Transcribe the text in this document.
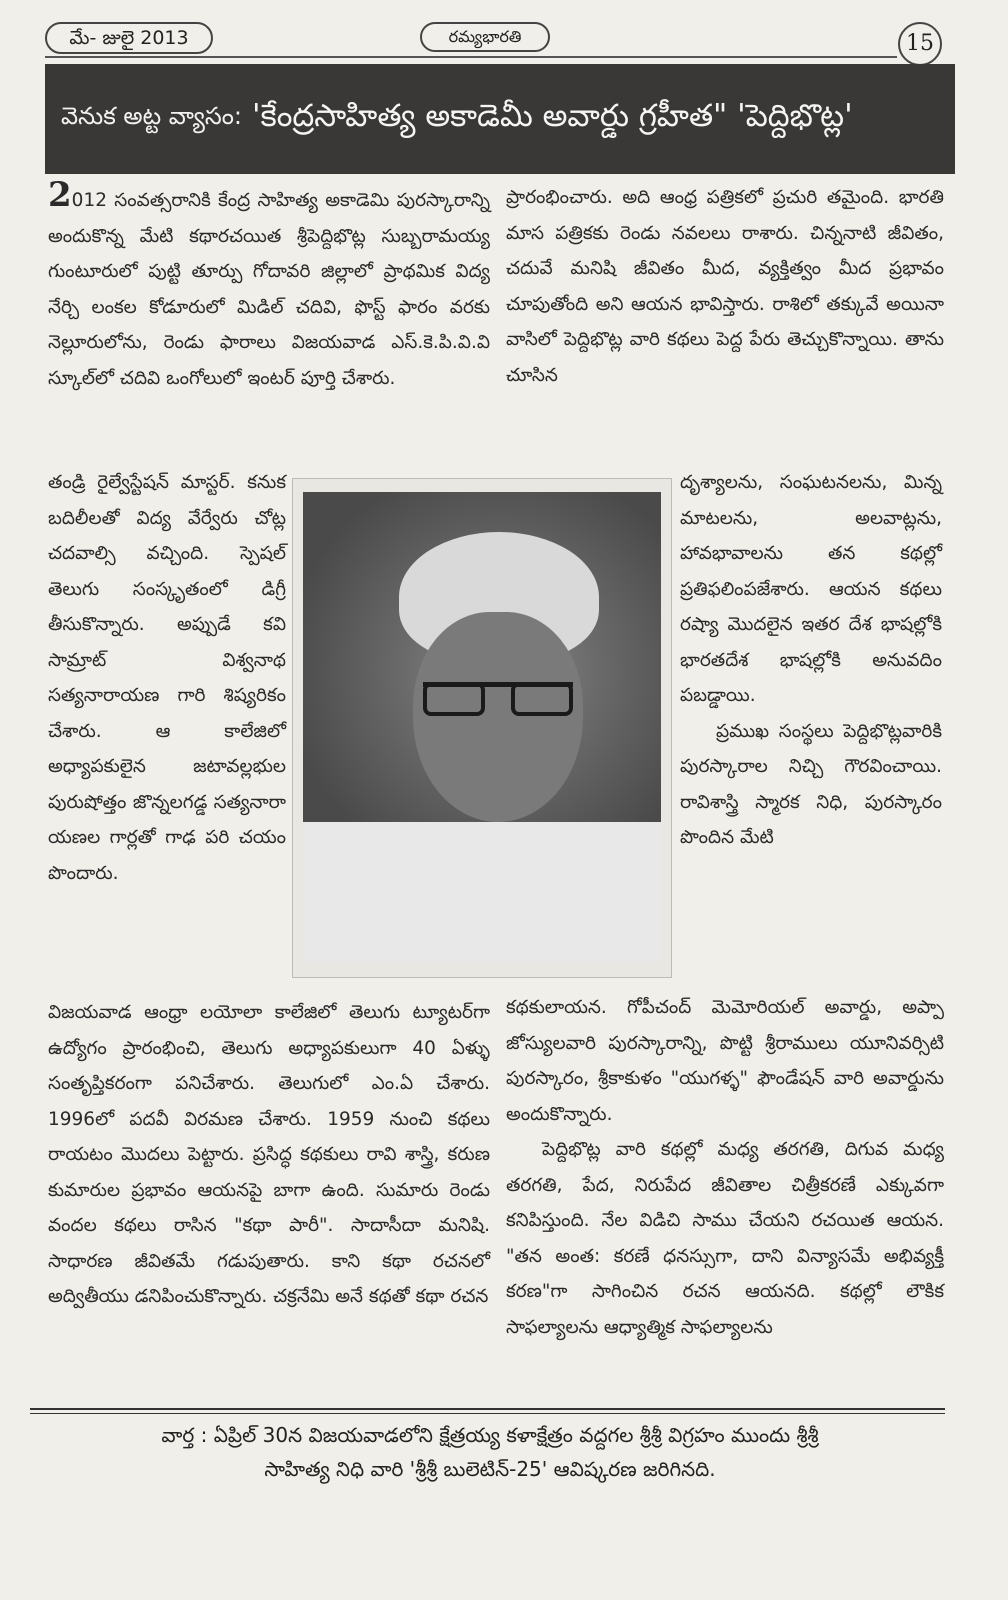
మే- జులై 2013	రమ్యభారతి	15
వెనుక అట్ట వ్యాసం: 'కేంద్రసాహిత్య అకాడెమీ అవార్డు గ్రహీత" 'పెద్దిభొట్ల'

2012 సంవత్సరానికి కేంద్ర సాహిత్య అకాడెమి పురస్కారాన్ని అందుకొన్న మేటి కథారచయిత శ్రీపెద్దిభొట్ల సుబ్బరామయ్య గుంటూరులో పుట్టి తూర్పు గోదావరి జిల్లాలో ప్రాథమిక విద్య నేర్చి లంకల కోడూరులో మిడిల్ చదివి, ఫొస్ట్ ఫారం వరకు నెల్లూరులోను, రెండు ఫారాలు విజయవాడ ఎస్.కె.పి.వి.వి స్కూల్‌లో చదివి ఒంగోలులో ఇంటర్ పూర్తి చేశారు.

తండ్రి రైల్వేస్టేషన్ మాస్టర్. కనుక బదిలీలతో విద్య వేర్వేరు చోట్ల చదవాల్సి వచ్చింది. స్పెషల్ తెలుగు సంస్కృతంలో డిగ్రీ తీసుకొన్నారు. అప్పుడే కవి సామ్రాట్ విశ్వనాథ సత్యనారాయణ గారి శిష్యరికం చేశారు. ఆ కాలేజిలో అధ్యాపకులైన జటావల్లభుల పురుషోత్తం జొన్నలగడ్డ సత్యనారా యణల గార్లతో గాఢ పరి చయం పొందారు.

విజయవాడ ఆంధ్రా లయోలా కాలేజిలో తెలుగు ట్యూటర్‌గా ఉద్యోగం ప్రారంభించి, తెలుగు అధ్యాపకులుగా 40 ఏళ్ళు సంతృప్తికరంగా పనిచేశారు. తెలుగులో ఎం.ఏ చేశారు. 1996లో పదవీ విరమణ చేశారు. 1959 నుంచి కథలు రాయటం మొదలు పెట్టారు. ప్రసిద్ధ కథకులు రావి శాస్త్రి, కరుణ కుమారుల ప్రభావం ఆయనపై బాగా ఉంది. సుమారు రెండు వందల కథలు రాసిన "కథా పారీ". సాదాసీదా మనిషి. సాధారణ జీవితమే గడుపుతారు. కాని కథా రచనలో అద్వితీయు డనిపించుకొన్నారు. చక్రనేమి అనే కథతో కథా రచన

ప్రారంభించారు. అది ఆంధ్ర పత్రికలో ప్రచురి తమైంది. భారతి మాస పత్రికకు రెండు నవలలు రాశారు. చిన్ననాటి జీవితం, చదువే మనిషి జీవితం మీద, వ్యక్తిత్వం మీద ప్రభావం చూపుతోంది అని ఆయన భావిస్తారు. రాశిలో తక్కువే అయినా వాసిలో పెద్దిభొట్ల వారి కథలు పెద్ద పేరు తెచ్చుకొన్నాయి. తాను చూసిన

దృశ్యాలను, సంఘటనలను, మిన్న మాటలను, అలవాట్లను, హావభావాలను తన కథల్లో ప్రతిఫలింపజేశారు. ఆయన కథలు రష్యా మొదలైన ఇతర దేశ భాషల్లోకి భారతదేశ భాషల్లోకి అనువదిం పబడ్డాయి.

ప్రముఖ సంస్థలు పెద్దిభొట్లవారికి పురస్కారాల నిచ్చి గౌరవించాయి. రావిశాస్త్రి స్మారక నిధి, పురస్కారం పొందిన మేటి

కథకులాయన. గోపీచంద్ మెమోరియల్ అవార్డు, అప్పా జోస్యులవారి పురస్కారాన్ని, పొట్టి శ్రీరాములు యూనివర్సిటి పురస్కారం, శ్రీకాకుళం "యుగళ్ళ" ఫౌండేషన్ వారి అవార్డును అందుకొన్నారు.

పెద్దిభొట్ల వారి కథల్లో మధ్య తరగతి, దిగువ మధ్య తరగతి, పేద, నిరుపేద జీవితాల చిత్రీకరణే ఎక్కువగా కనిపిస్తుంది. నేల విడిచి సాము చేయని రచయిత ఆయన. "తన అంత: కరణే ధనస్సుగా, దాని విన్యాసమే అభివ్యక్తీ కరణ"గా సాగించిన రచన ఆయనది. కథల్లో లౌకిక సాఫల్యాలను ఆధ్యాత్మిక సాఫల్యాలను

వార్త : ఏప్రిల్ 30న విజయవాడలోని క్షేత్రయ్య కళాక్షేత్రం వద్దగల శ్రీశ్రీ విగ్రహం ముందు శ్రీశ్రీ
సాహిత్య నిధి వారి 'శ్రీశ్రీ బులెటిన్-25' ఆవిష్కరణ జరిగినది.
